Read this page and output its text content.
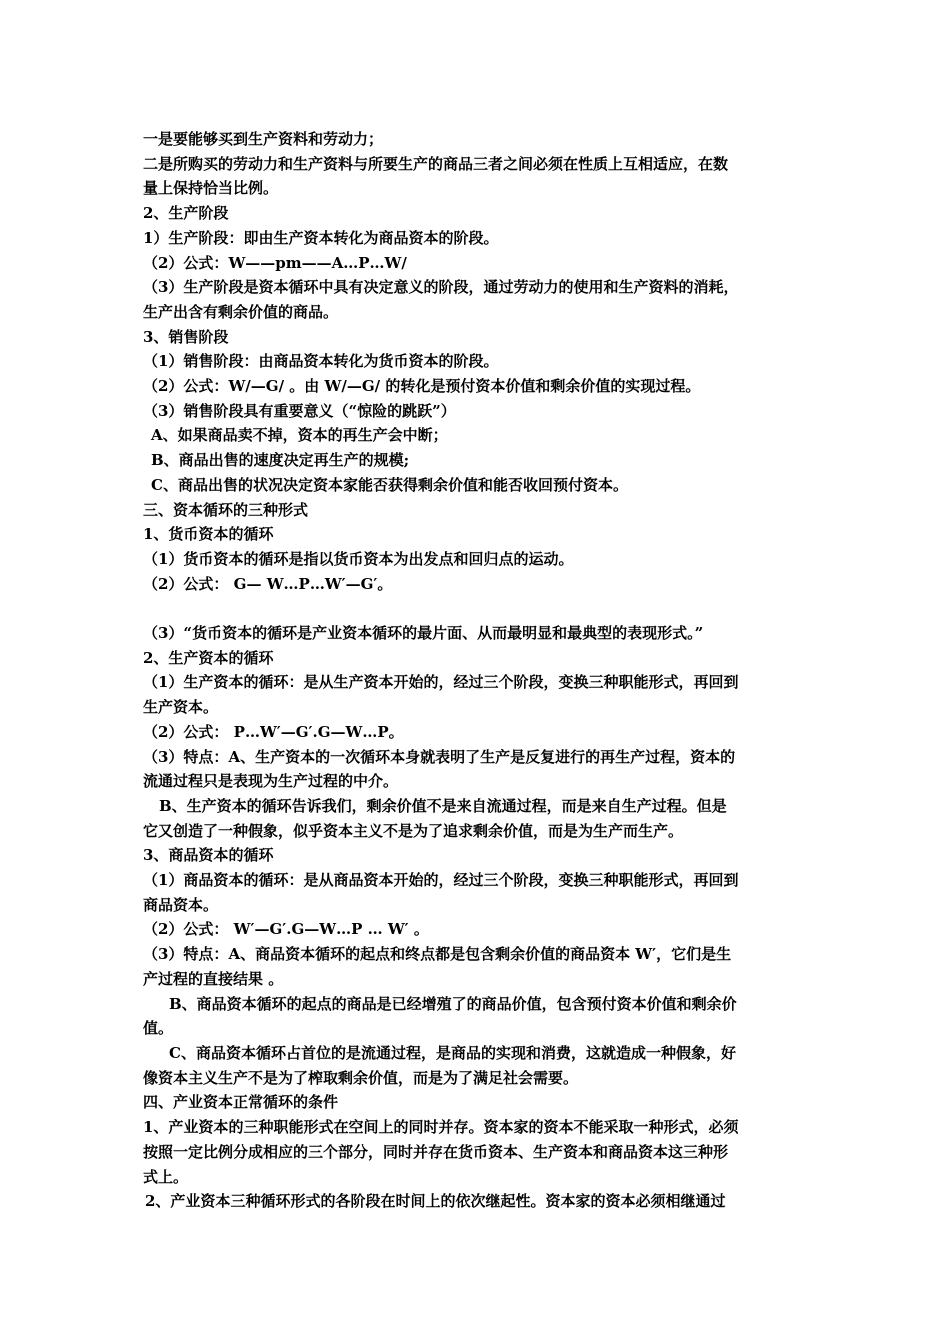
一是要能够买到生产资料和劳动力；
二是所购买的劳动力和生产资料与所要生产的商品三者之间必须在性质上互相适应，在数
量上保持恰当比例。
2、生产阶段
1）生产阶段：即由生产资本转化为商品资本的阶段。
（2）公式：W——pm——A…P…W/
（3）生产阶段是资本循环中具有决定意义的阶段，通过劳动力的使用和生产资料的消耗，
生产出含有剩余价值的商品。
3、销售阶段
（1）销售阶段：由商品资本转化为货币资本的阶段。
（2）公式：W/—G/ 。由 W/—G/ 的转化是预付资本价值和剩余价值的实现过程。
（3）销售阶段具有重要意义（“惊险的跳跃”）
A、如果商品卖不掉，资本的再生产会中断；
B、商品出售的速度决定再生产的规模;
C、商品出售的状况决定资本家能否获得剩余价值和能否收回预付资本。
三、资本循环的三种形式
1、货币资本的循环
（1）货币资本的循环是指以货币资本为出发点和回归点的运动。
（2）公式： G— W…P…W′—G′。
（3）“货币资本的循环是产业资本循环的最片面、从而最明显和最典型的表现形式。”
2、生产资本的循环
（1）生产资本的循环：是从生产资本开始的，经过三个阶段，变换三种职能形式，再回到
生产资本。
（2）公式： P…W′—G′.G—W…P。
（3）特点：A、生产资本的一次循环本身就表明了生产是反复进行的再生产过程，资本的
流通过程只是表现为生产过程的中介。
B、生产资本的循环告诉我们，剩余价值不是来自流通过程，而是来自生产过程。但是
它又创造了一种假象，似乎资本主义不是为了追求剩余价值，而是为生产而生产。
3、商品资本的循环
（1）商品资本的循环：是从商品资本开始的，经过三个阶段，变换三种职能形式，再回到
商品资本。
（2）公式： W′—G′.G—W…P … W′ 。
（3）特点：A、商品资本循环的起点和终点都是包含剩余价值的商品资本 W′，它们是生
产过程的直接结果 。
B、商品资本循环的起点的商品是已经增殖了的商品价值，包含预付资本价值和剩余价
值。
C、商品资本循环占首位的是流通过程，是商品的实现和消费，这就造成一种假象，好
像资本主义生产不是为了榨取剩余价值，而是为了满足社会需要。
四、产业资本正常循环的条件
1、产业资本的三种职能形式在空间上的同时并存。资本家的资本不能采取一种形式，必须
按照一定比例分成相应的三个部分，同时并存在货币资本、生产资本和商品资本这三种形
式上。
2、产业资本三种循环形式的各阶段在时间上的依次继起性。资本家的资本必须相继通过
